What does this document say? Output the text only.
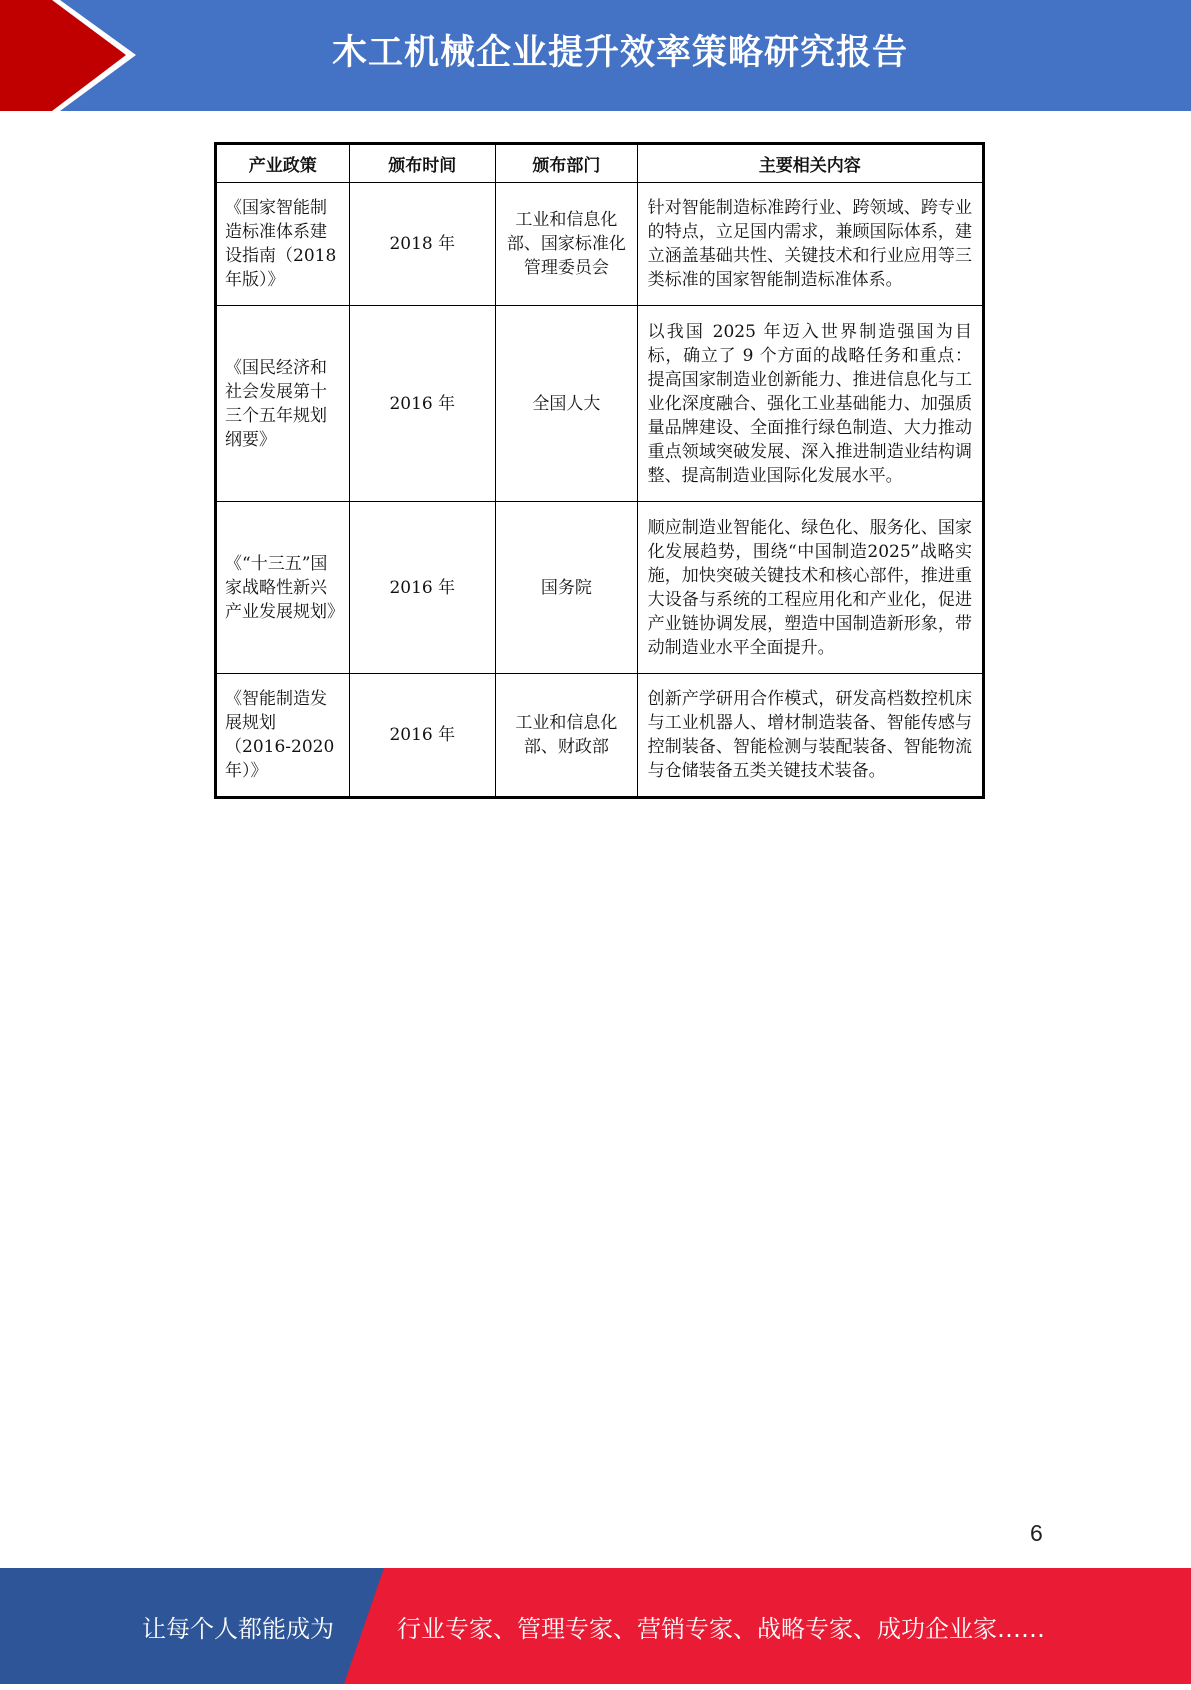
木工机械企业提升效率策略研究报告
产业政策	颁布时间	颁布部门	主要相关内容
《国家智能制造标准体系建设指南（2018年版）》	2018 年	工业和信息化部、国家标准化管理委员会	针对智能制造标准跨行业、跨领域、跨专业的特点，立足国内需求，兼顾国际体系，建立涵盖基础共性、关键技术和行业应用等三类标准的国家智能制造标准体系。
《国民经济和社会发展第十三个五年规划纲要》	2016 年	全国人大	以我国 2025 年迈入世界制造强国为目标，确立了 9 个方面的战略任务和重点：提高国家制造业创新能力、推进信息化与工业化深度融合、强化工业基础能力、加强质量品牌建设、全面推行绿色制造、大力推动重点领域突破发展、深入推进制造业结构调整、提高制造业国际化发展水平。
《“十三五”国家战略性新兴产业发展规划》	2016 年	国务院	顺应制造业智能化、绿色化、服务化、国家化发展趋势，围绕“中国制造2025”战略实施，加快突破关键技术和核心部件，推进重大设备与系统的工程应用化和产业化，促进产业链协调发展，塑造中国制造新形象，带动制造业水平全面提升。
《智能制造发展规划（2016-2020年）》	2016 年	工业和信息化部、财政部	创新产学研用合作模式，研发高档数控机床与工业机器人、增材制造装备、智能传感与控制装备、智能检测与装配装备、智能物流与仓储装备五类关键技术装备。
6
让每个人都能成为	行业专家、管理专家、营销专家、战略专家、成功企业家……
